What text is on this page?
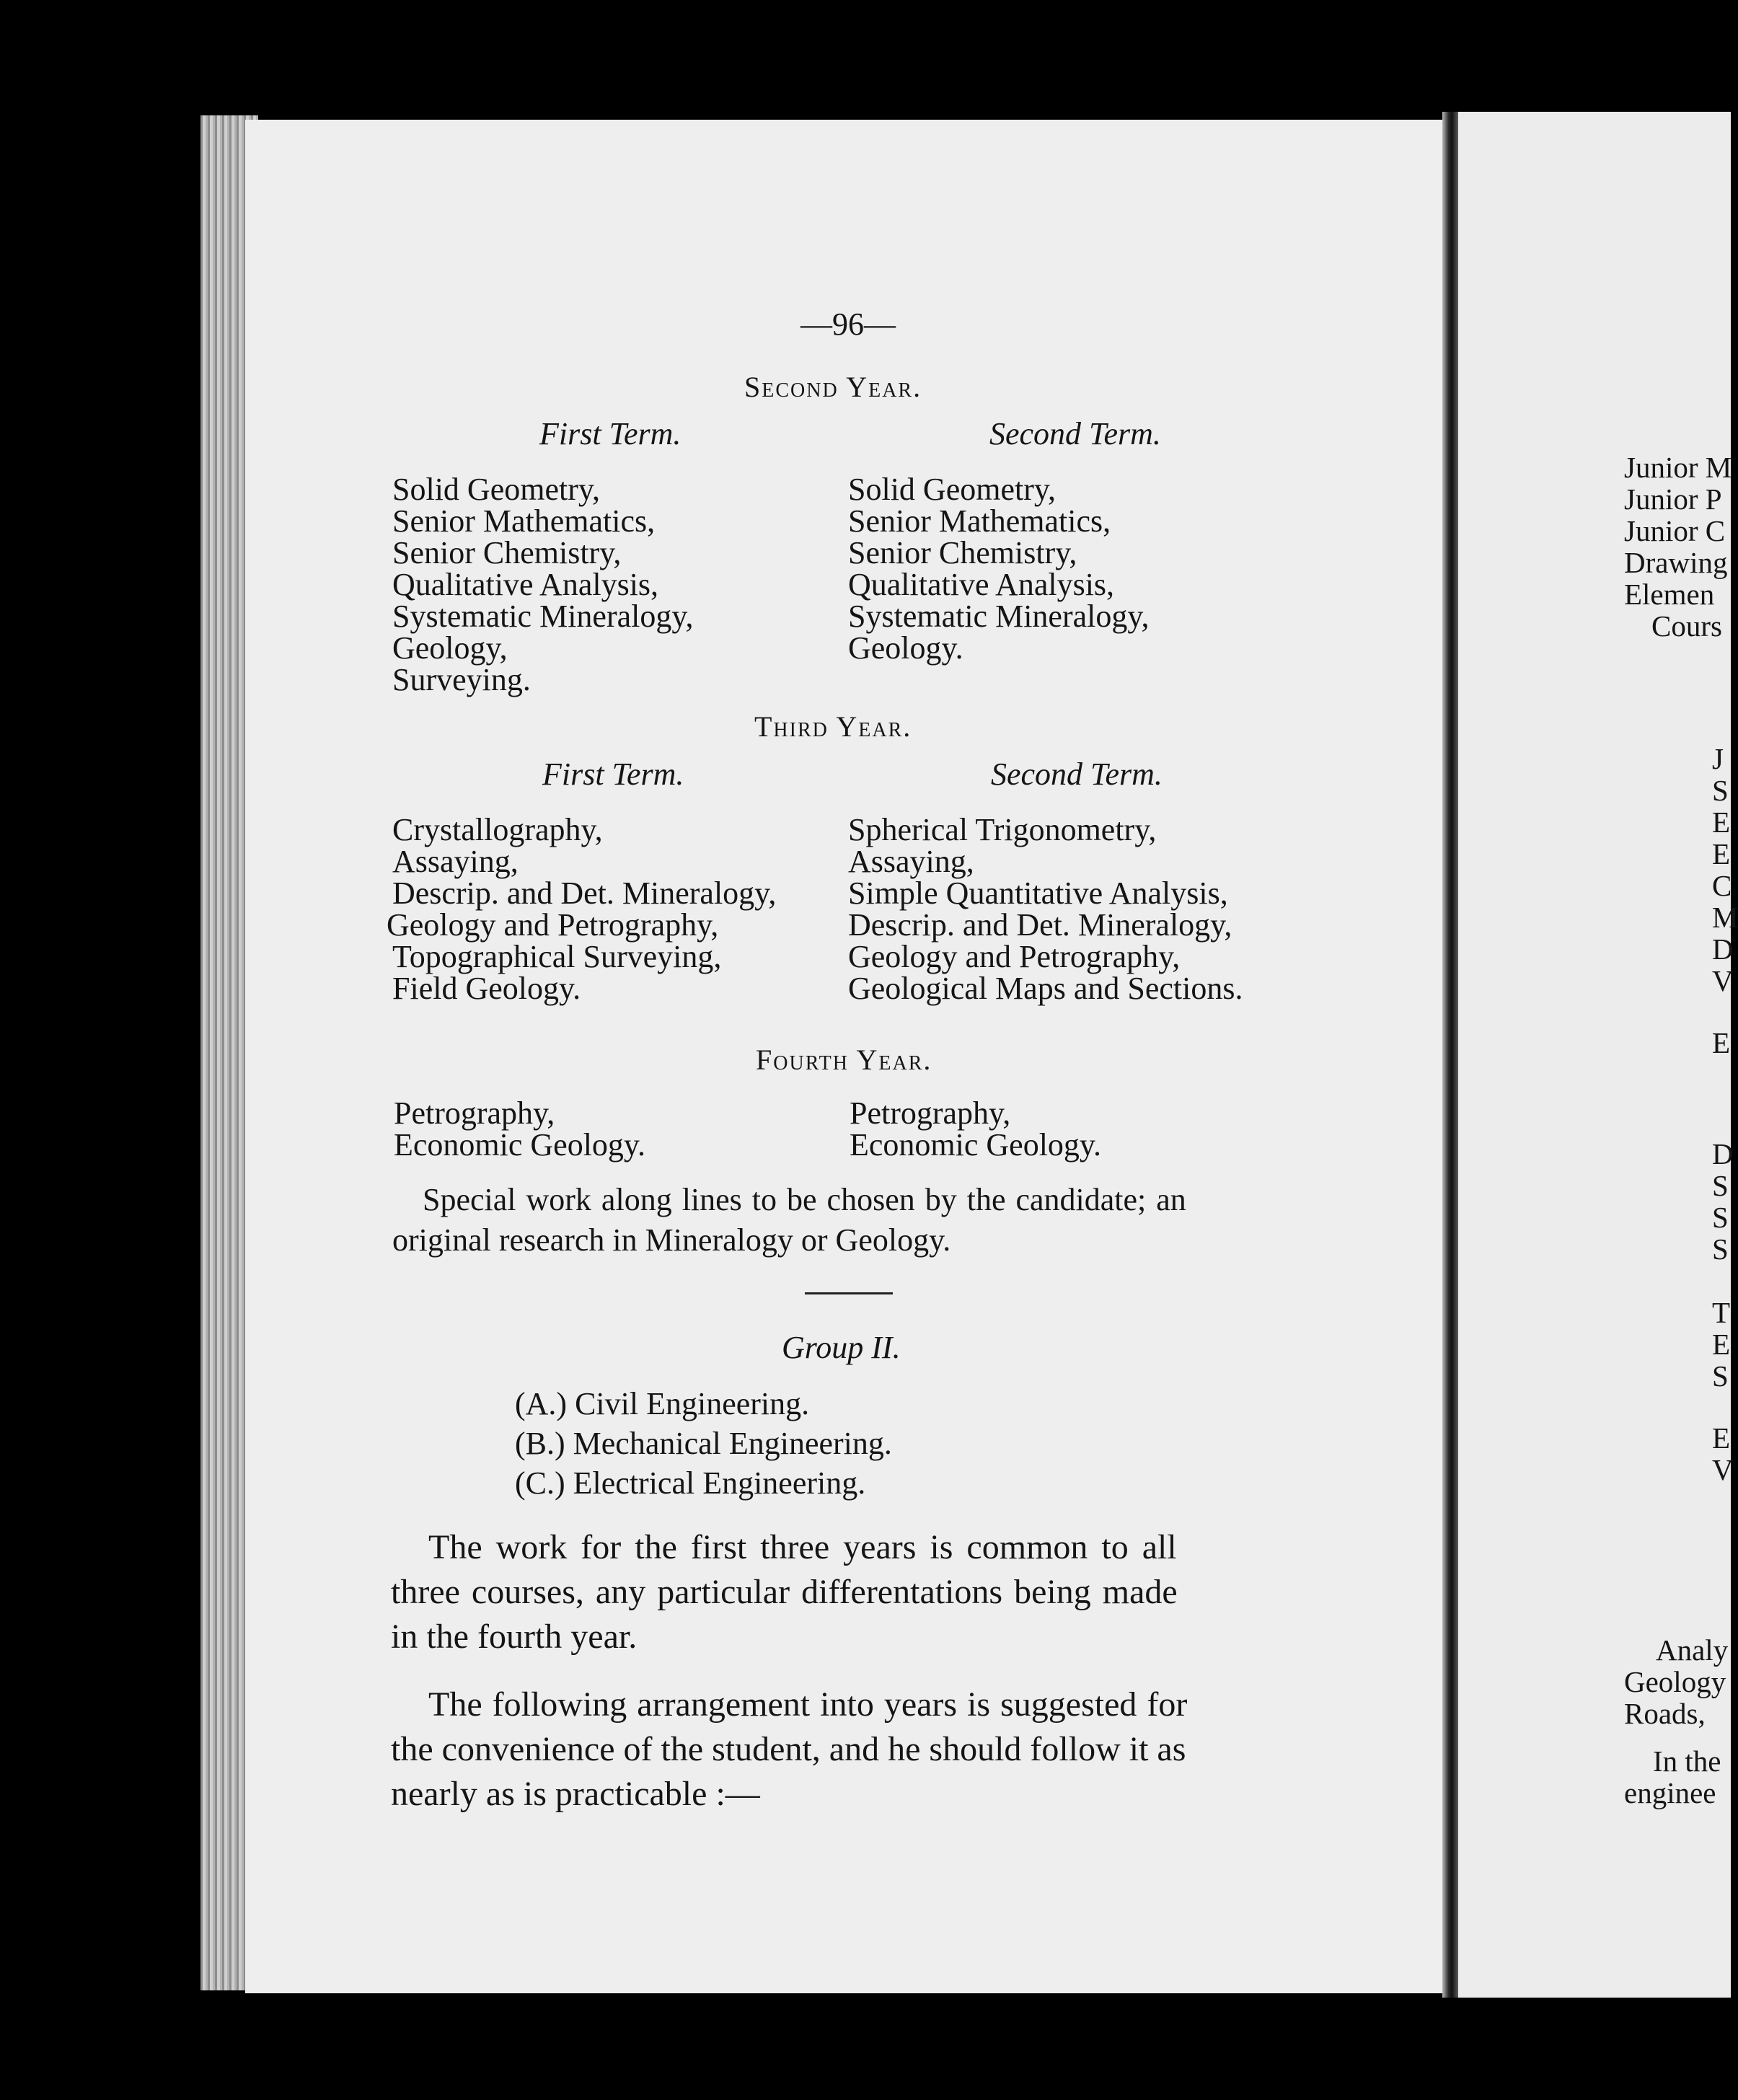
—96—
Second Year.
First Term.	Second Term.
Solid Geometry,
Senior Mathematics,
Senior Chemistry,
Qualitative Analysis,
Systematic Mineralogy,
Geology,
Surveying.
Solid Geometry,
Senior Mathematics,
Senior Chemistry,
Qualitative Analysis,
Systematic Mineralogy,
Geology.
Third Year.
First Term.	Second Term.
Crystallography,
Assaying,
Descrip. and Det. Mineralogy,
Geology and Petrography,
Topographical Surveying,
Field Geology.
Spherical Trigonometry,
Assaying,
Simple Quantitative Analysis,
Descrip. and Det. Mineralogy,
Geology and Petrography,
Geological Maps and Sections.
Fourth Year.
Petrography,
Economic Geology.
Petrography,
Economic Geology.
Special work along lines to be chosen by the candidate; an
original research in Mineralogy or Geology.
Group II.
(A.) Civil Engineering.
(B.) Mechanical Engineering.
(C.) Electrical Engineering.
The work for the first three years is common to all
three courses, any particular differentations being made
in the fourth year.
The following arrangement into years is suggested for
the convenience of the student, and he should follow it as
nearly as is practicable :—
Junior M
Junior P
Junior C
Drawing
Elemen
Cours
J
S
E
E
C
M
D
V
E
D
S
S
S
T
E
S
E
V
Analy
Geology
Roads,
In the
enginee
